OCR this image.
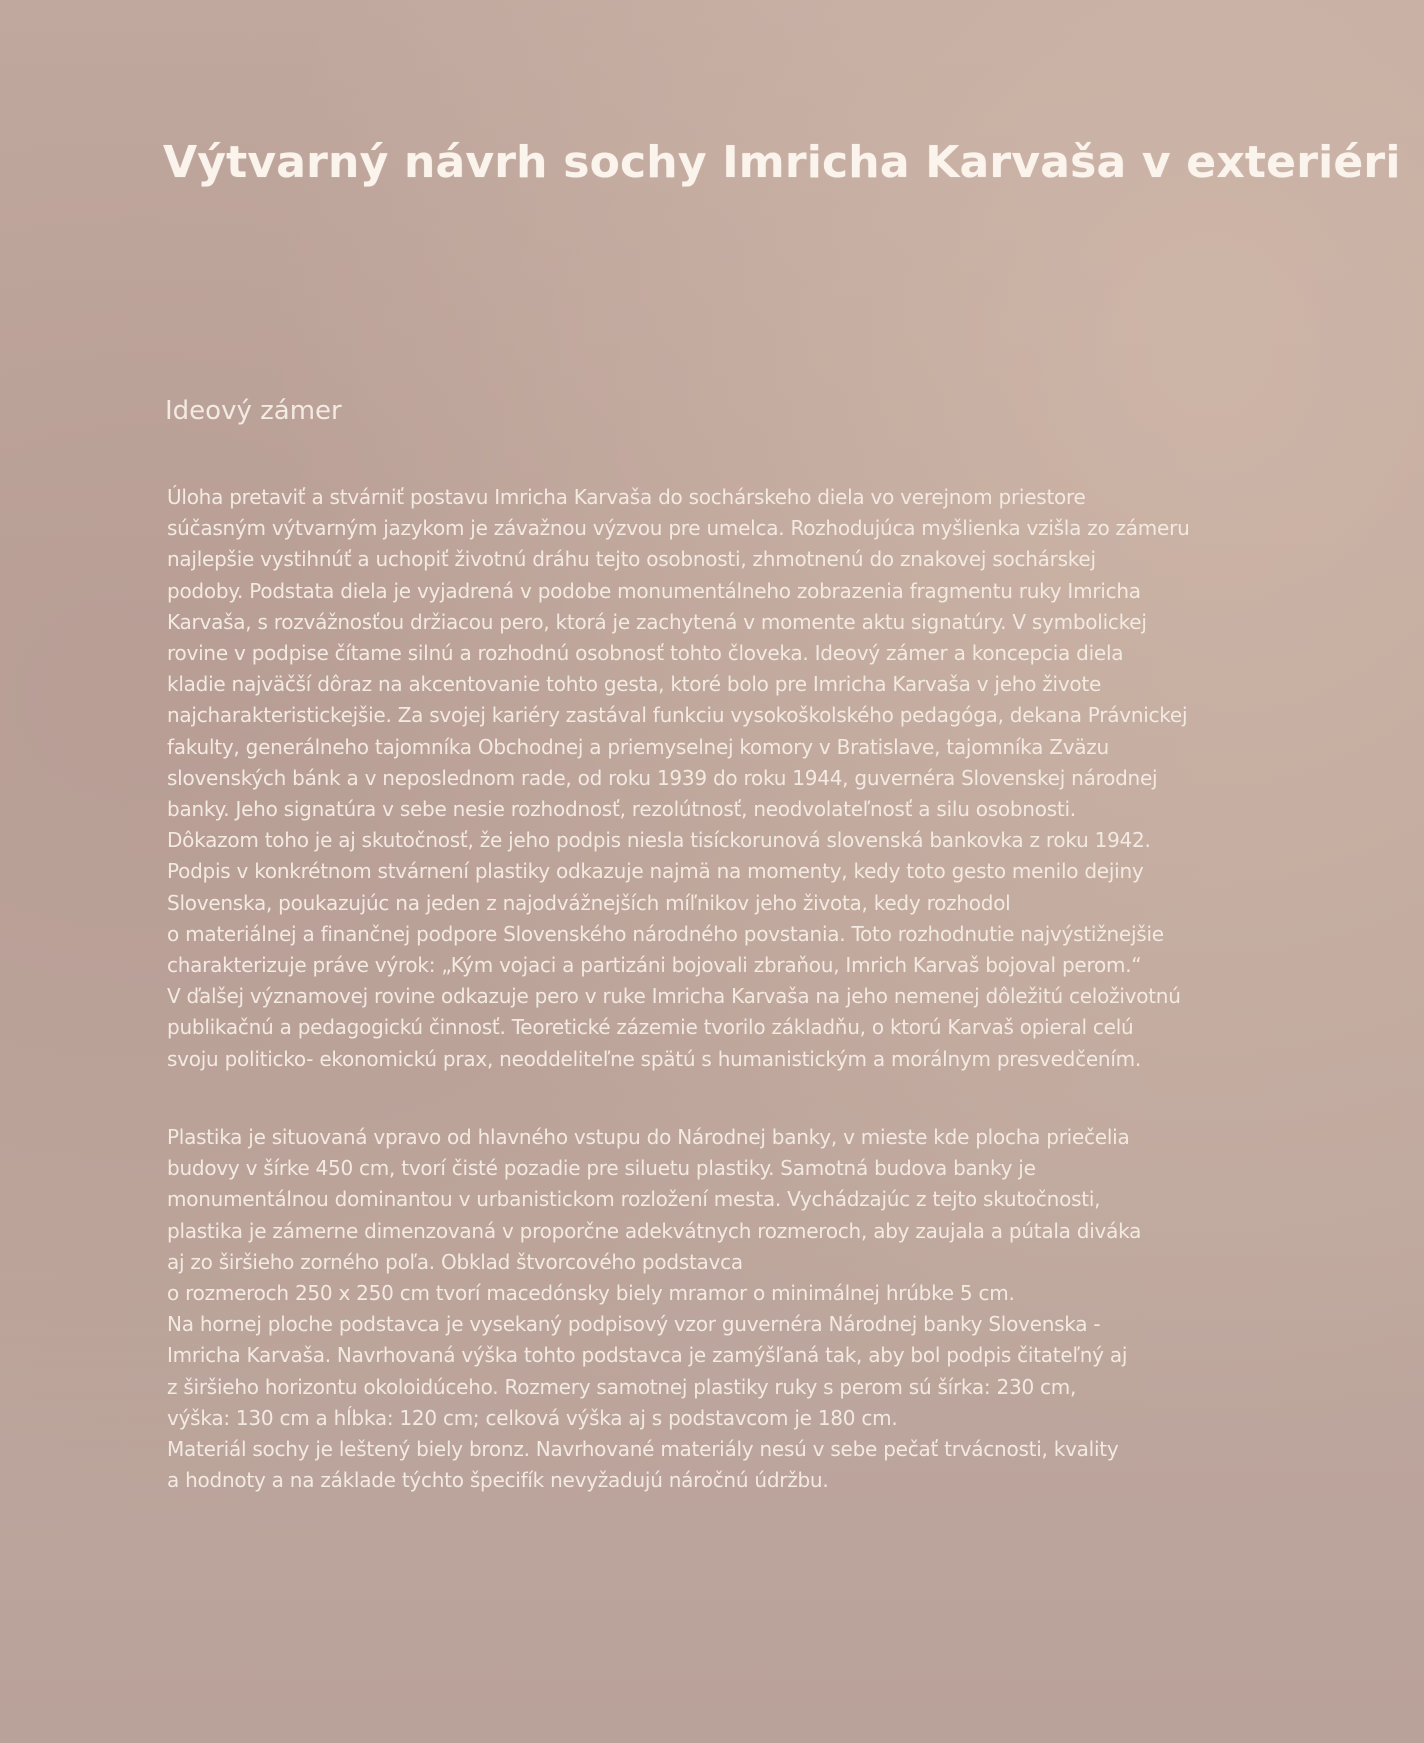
Výtvarný návrh sochy Imricha Karvaša v exteriéri
Ideový zámer
Úloha pretaviť a stvárniť postavu Imricha Karvaša do sochárskeho diela vo verejnom priestore
súčasným výtvarným jazykom je závažnou výzvou pre umelca. Rozhodujúca myšlienka vzišla zo zámeru
najlepšie vystihnúť a uchopiť životnú dráhu tejto osobnosti, zhmotnenú do znakovej sochárskej
podoby. Podstata diela je vyjadrená v podobe monumentálneho zobrazenia fragmentu ruky Imricha
Karvaša, s rozvážnosťou držiacou pero, ktorá je zachytená v momente aktu signatúry. V symbolickej
rovine v podpise čítame silnú a rozhodnú osobnosť tohto človeka. Ideový zámer a koncepcia diela
kladie najväčší dôraz na akcentovanie tohto gesta, ktoré bolo pre Imricha Karvaša v jeho živote
najcharakteristickejšie. Za svojej kariéry zastával funkciu vysokoškolského pedagóga, dekana Právnickej
fakulty, generálneho tajomníka Obchodnej a priemyselnej komory v Bratislave, tajomníka Zväzu
slovenských bánk a v neposlednom rade, od roku 1939 do roku 1944, guvernéra Slovenskej národnej
banky. Jeho signatúra v sebe nesie rozhodnosť, rezolútnosť, neodvolateľnosť a silu osobnosti.
Dôkazom toho je aj skutočnosť, že jeho podpis niesla tisíckorunová slovenská bankovka z roku 1942.
Podpis v konkrétnom stvárnení plastiky odkazuje najmä na momenty, kedy toto gesto menilo dejiny
Slovenska, poukazujúc na jeden z najodvážnejších míľnikov jeho života, kedy rozhodol
o materiálnej a finančnej podpore Slovenského národného povstania. Toto rozhodnutie najvýstižnejšie
charakterizuje práve výrok: „Kým vojaci a partizáni bojovali zbraňou, Imrich Karvaš bojoval perom.“
V ďalšej významovej rovine odkazuje pero v ruke Imricha Karvaša na jeho nemenej dôležitú celoživotnú
publikačnú a pedagogickú činnosť. Teoretické zázemie tvorilo základňu, o ktorú Karvaš opieral celú
svoju politicko- ekonomickú prax, neoddeliteľne spätú s humanistickým a morálnym presvedčením.
Plastika je situovaná vpravo od hlavného vstupu do Národnej banky, v mieste kde plocha priečelia
budovy v šírke 450 cm, tvorí čisté pozadie pre siluetu plastiky. Samotná budova banky je
monumentálnou dominantou v urbanistickom rozložení mesta. Vychádzajúc z tejto skutočnosti,
plastika je zámerne dimenzovaná v proporčne adekvátnych rozmeroch, aby zaujala a pútala diváka
aj zo širšieho zorného poľa. Obklad štvorcového podstavca
o rozmeroch 250 x 250 cm tvorí macedónsky biely mramor o minimálnej hrúbke 5 cm.
Na hornej ploche podstavca je vysekaný podpisový vzor guvernéra Národnej banky Slovenska -
Imricha Karvaša. Navrhovaná výška tohto podstavca je zamýšľaná tak, aby bol podpis čitateľný aj
z širšieho horizontu okoloidúceho. Rozmery samotnej plastiky ruky s perom sú šírka: 230 cm,
výška: 130 cm a hĺbka: 120 cm; celková výška aj s podstavcom je 180 cm.
Materiál sochy je leštený biely bronz. Navrhované materiály nesú v sebe pečať trvácnosti, kvality
a hodnoty a na základe týchto špecifík nevyžadujú náročnú údržbu.
